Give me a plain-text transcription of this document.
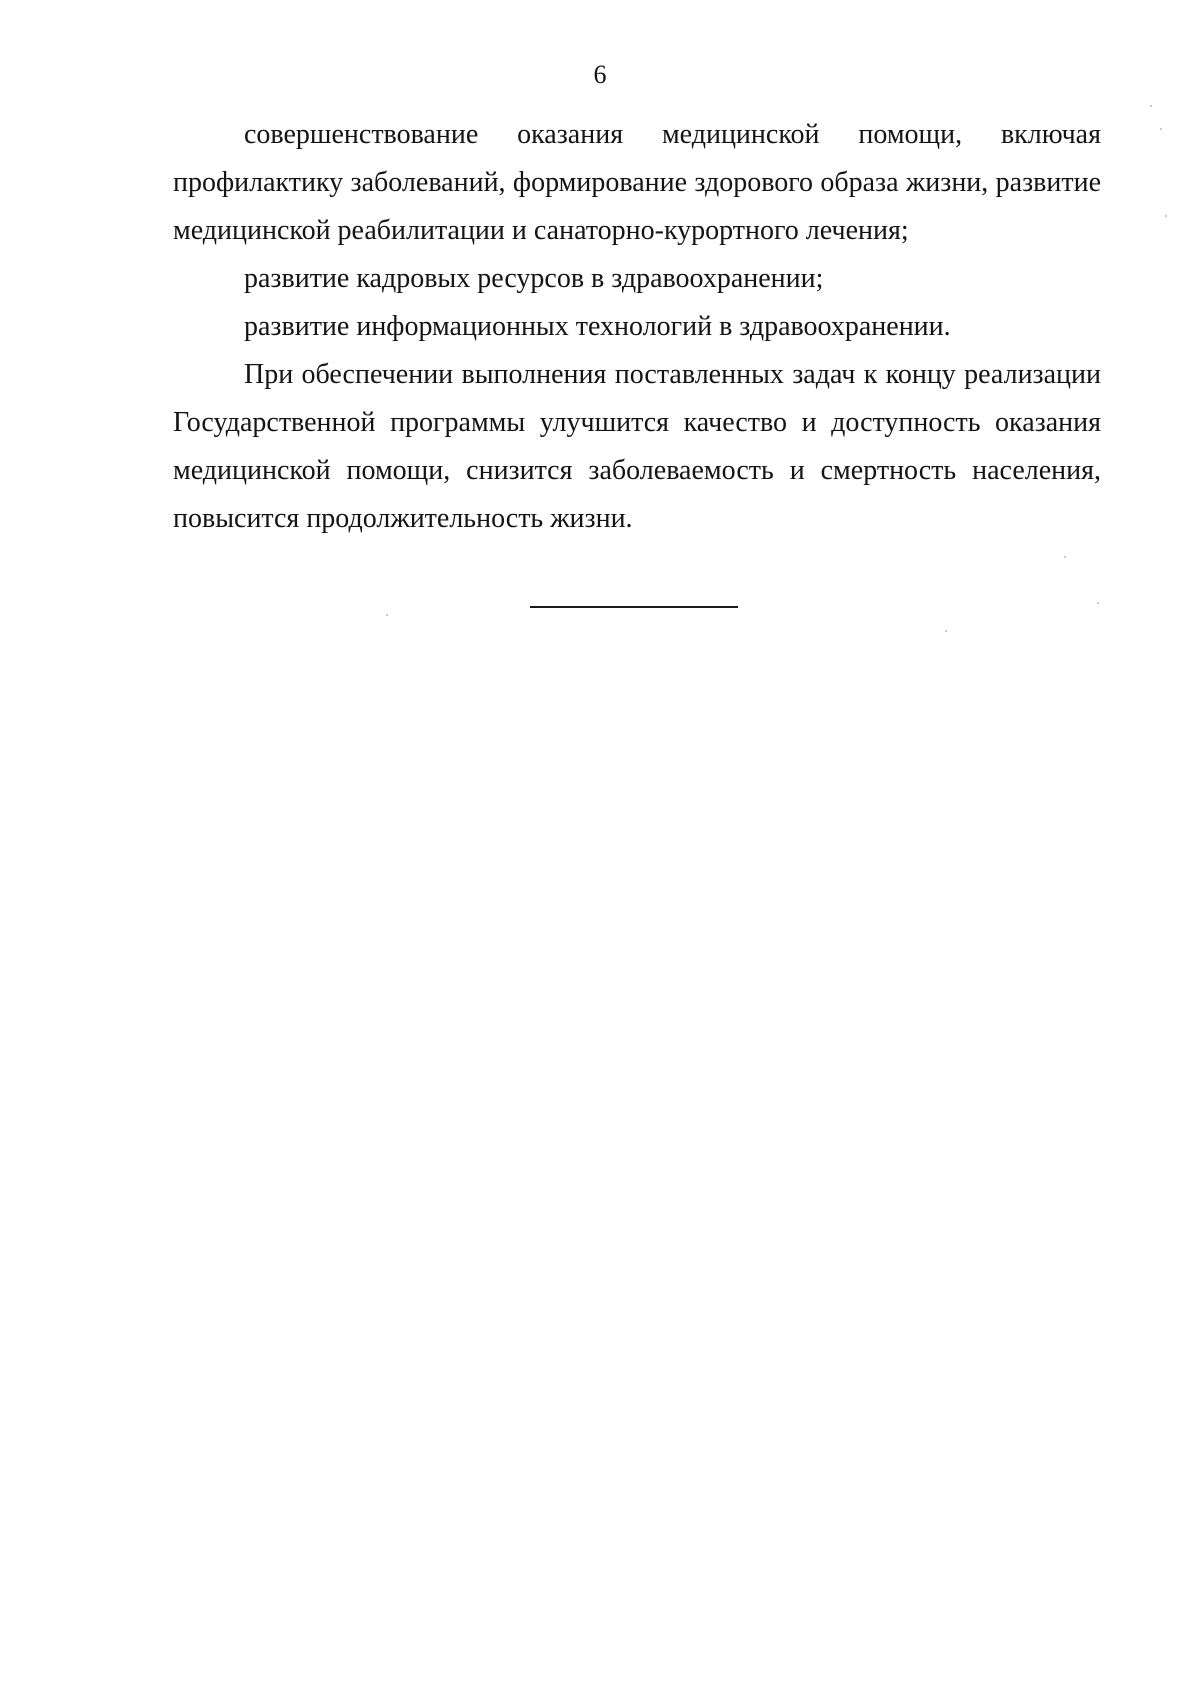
6

совершенствование оказания медицинской помощи, включая профилактику заболеваний, формирование здорового образа жизни, развитие медицинской реабилитации и санаторно-курортного лечения;

развитие кадровых ресурсов в здравоохранении;

развитие информационных технологий в здравоохранении.

При обеспечении выполнения поставленных задач к концу реализации Государственной программы улучшится качество и доступность оказания медицинской помощи, снизится заболеваемость и смертность населения, повысится продолжительность жизни.
